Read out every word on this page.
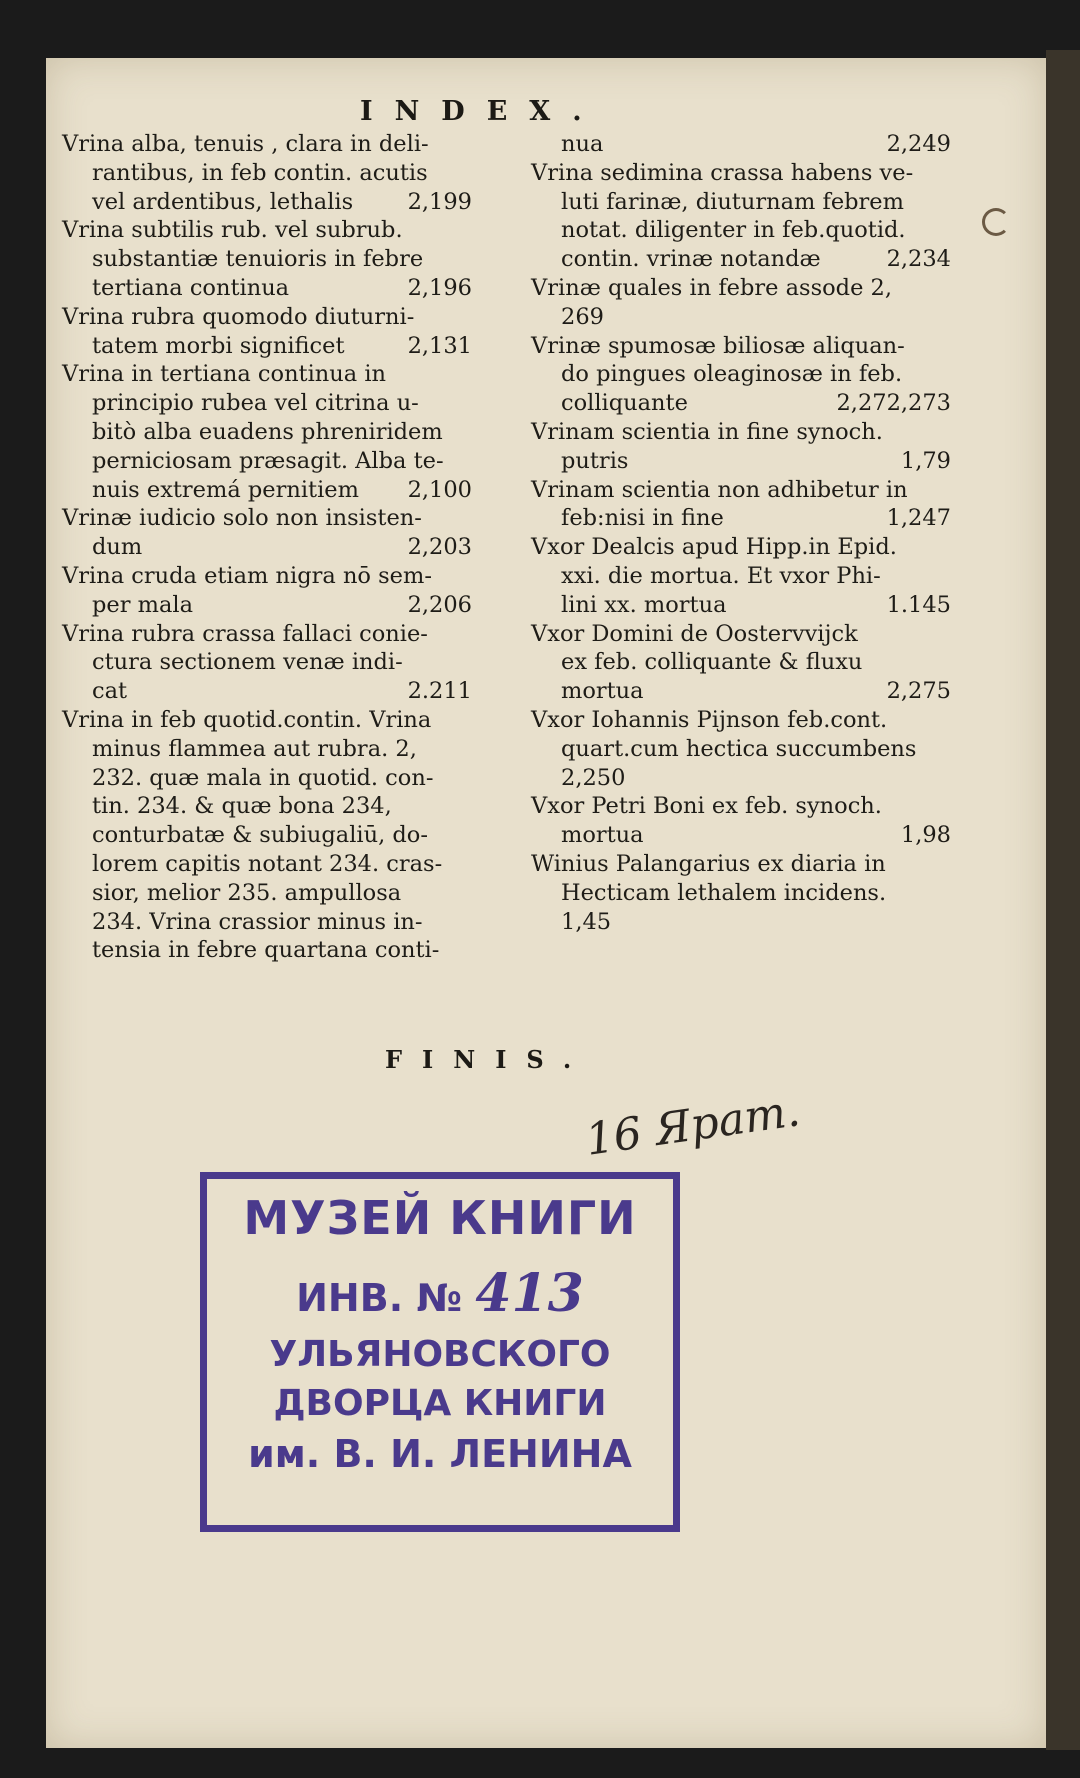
INDEX.
Vrina alba, tenuis , clara in deli-
rantibus, in feb contin. acutis
vel ardentibus, lethalis 2,199
Vrina subtilis rub. vel subrub.
substantiæ tenuioris in febre
tertiana continua	2,196
Vrina rubra quomodo diuturni-
tatem morbi significet	2,131
Vrina in tertiana continua in
principio rubea vel citrina u-
bitò alba euadens phreniridem
perniciosam præsagit. Alba te-
nuis extremá pernitiem 2,100
Vrinæ iudicio solo non insisten-
dum	2,203
Vrina cruda etiam nigra nō sem-
per mala	2,206
Vrina rubra crassa fallaci conie-
ctura sectionem venæ indi-
cat	2.211
Vrina in feb quotid.contin. Vrina
minus flammea aut rubra. 2,
232. quæ mala in quotid. con-
tin. 234. & quæ bona 234,
conturbatæ & subiugaliū, do-
lorem capitis notant 234. cras-
sior, melior 235. ampullosa
234. Vrina crassior minus in-
tensia in febre quartana conti-
nua	2,249
Vrina sedimina crassa habens ve-
luti farinæ, diuturnam febrem
notat. diligenter in feb.quotid.
contin. vrinæ notandæ	2,234
Vrinæ quales in febre assode 2,
269
Vrinæ spumosæ biliosæ aliquan-
do pingues oleaginosæ in feb.
colliquante	2,272,273
Vrinam scientia in fine synoch.
putris	1,79
Vrinam scientia non adhibetur in
feb:nisi in fine	1,247
Vxor Dealcis apud Hipp.in Epid.
xxi. die mortua. Et vxor Phi-
lini xx. mortua	1.145
Vxor Domini de Oostervvijck
ex feb. colliquante & fluxu
mortua	2,275
Vxor Iohannis Pijnson feb.cont.
quart.cum hectica succumbens
2,250
Vxor Petri Boni ex feb. synoch.
mortua	1,98
Winius Palangarius ex diaria in
Hecticam lethalem incidens.
1,45
FINIS.
16 Ярат.
МУЗЕЙ КНИГИ
ИНВ. № 413
УЛЬЯНОВСКОГО
ДВОРЦА КНИГИ
им. В. И. ЛЕНИНА
